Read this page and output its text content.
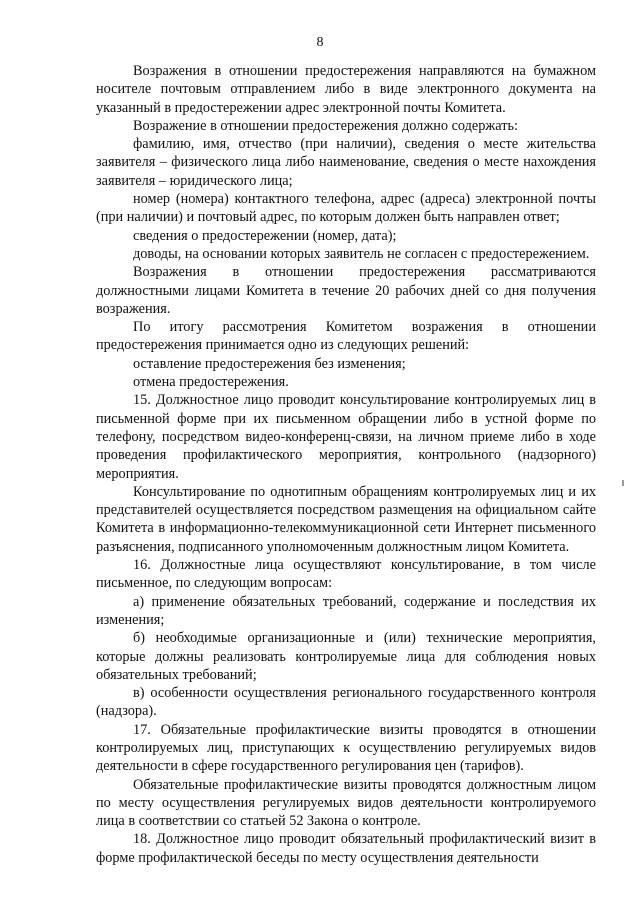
8

Возражения в отношении предостережения направляются на бумажном носителе почтовым отправлением либо в виде электронного документа на указанный в предостережении адрес электронной почты Комитета.

Возражение в отношении предостережения должно содержать:

фамилию, имя, отчество (при наличии), сведения о месте жительства заявителя – физического лица либо наименование, сведения о месте нахождения заявителя – юридического лица;

номер (номера) контактного телефона, адрес (адреса) электронной почты (при наличии) и почтовый адрес, по которым должен быть направлен ответ;

сведения о предостережении (номер, дата);

доводы, на основании которых заявитель не согласен с предостережением.

Возражения в отношении предостережения рассматриваются должностными лицами Комитета в течение 20 рабочих дней со дня получения возражения.

По итогу рассмотрения Комитетом возражения в отношении предостережения принимается одно из следующих решений:

оставление предостережения без изменения;

отмена предостережения.

15. Должностное лицо проводит консультирование контролируемых лиц в письменной форме при их письменном обращении либо в устной форме по телефону, посредством видео-конференц-связи, на личном приеме либо в ходе проведения профилактического мероприятия, контрольного (надзорного) мероприятия.

Консультирование по однотипным обращениям контролируемых лиц и их представителей осуществляется посредством размещения на официальном сайте Комитета в информационно-телекоммуникационной сети Интернет письменного разъяснения, подписанного уполномоченным должностным лицом Комитета.

16. Должностные лица осуществляют консультирование, в том числе письменное, по следующим вопросам:

а) применение обязательных требований, содержание и последствия их изменения;

б) необходимые организационные и (или) технические мероприятия, которые должны реализовать контролируемые лица для соблюдения новых обязательных требований;

в) особенности осуществления регионального государственного контроля (надзора).

17. Обязательные профилактические визиты проводятся в отношении контролируемых лиц, приступающих к осуществлению регулируемых видов деятельности в сфере государственного регулирования цен (тарифов).

Обязательные профилактические визиты проводятся должностным лицом по месту осуществления регулируемых видов деятельности контролируемого лица в соответствии со статьей 52 Закона о контроле.

18. Должностное лицо проводит обязательный профилактический визит в форме профилактической беседы по месту осуществления деятельности
